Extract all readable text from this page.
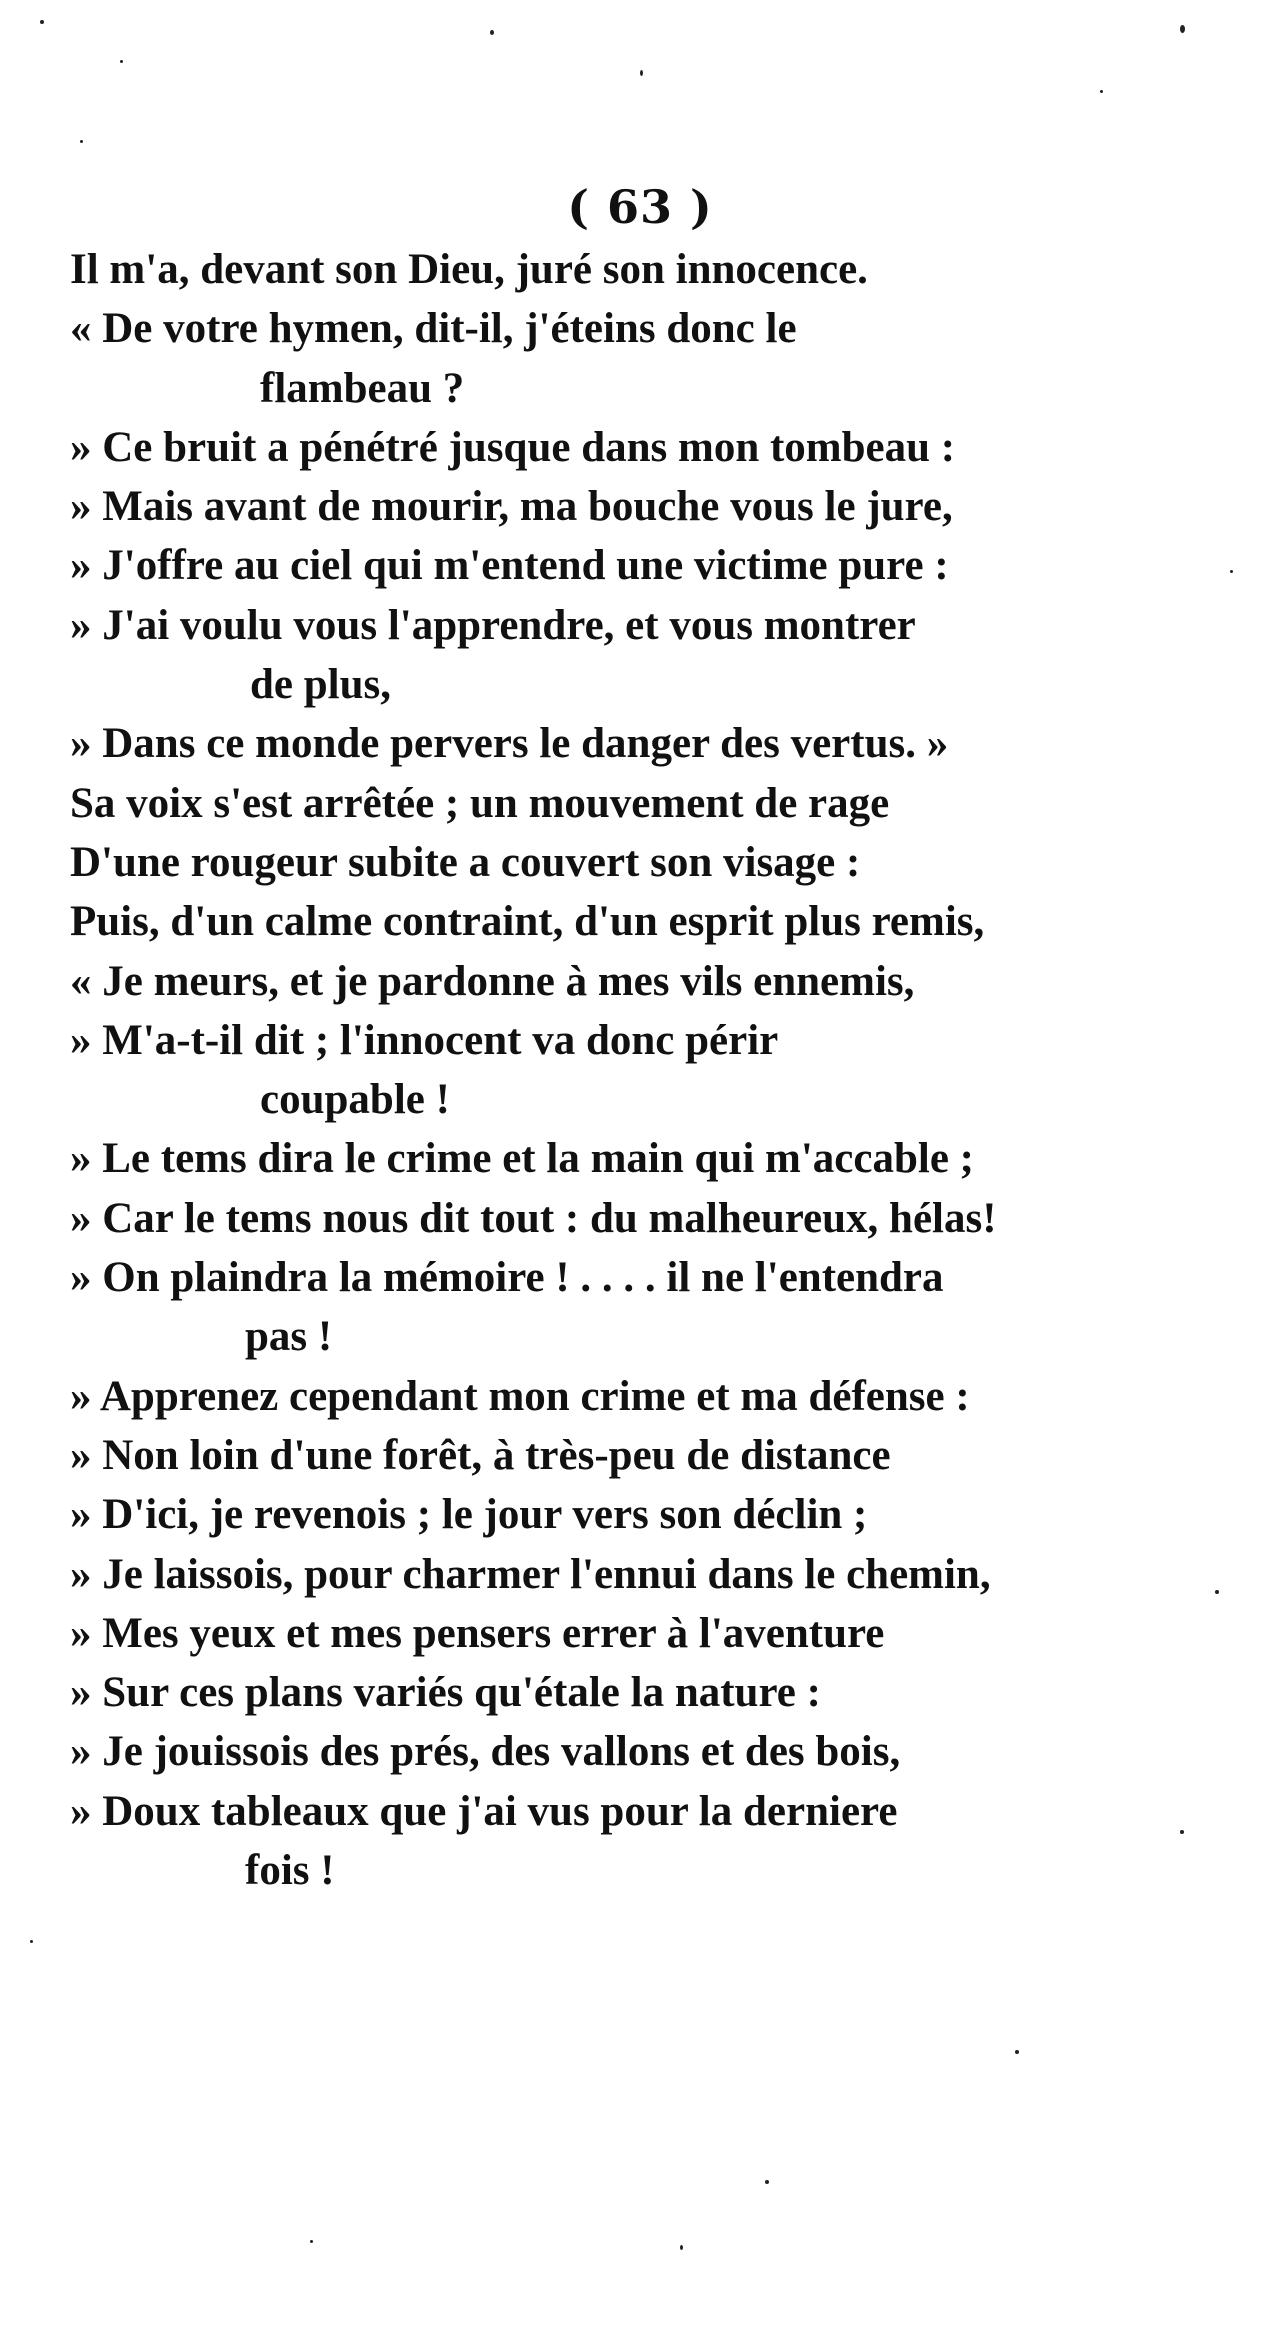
( 63 )
Il m'a, devant son Dieu, juré son innocence.
« De votre hymen, dit-il, j'éteins donc le
flambeau ?
» Ce bruit a pénétré jusque dans mon tombeau :
» Mais avant de mourir, ma bouche vous le jure,
» J'offre au ciel qui m'entend une victime pure :
» J'ai voulu vous l'apprendre, et vous montrer
de plus,
» Dans ce monde pervers le danger des vertus. »
Sa voix s'est arrêtée ; un mouvement de rage
D'une rougeur subite a couvert son visage :
Puis, d'un calme contraint, d'un esprit plus remis,
« Je meurs, et je pardonne à mes vils ennemis,
» M'a-t-il dit ; l'innocent va donc périr
coupable !
» Le tems dira le crime et la main qui m'accable ;
» Car le tems nous dit tout : du malheureux, hélas!
» On plaindra la mémoire ! . . . . il ne l'entendra
pas !
» Apprenez cependant mon crime et ma défense :
» Non loin d'une forêt, à très-peu de distance
» D'ici, je revenois ; le jour vers son déclin ;
» Je laissois, pour charmer l'ennui dans le chemin,
» Mes yeux et mes pensers errer à l'aventure
» Sur ces plans variés qu'étale la nature :
» Je jouissois des prés, des vallons et des bois,
» Doux tableaux que j'ai vus pour la derniere
fois !
